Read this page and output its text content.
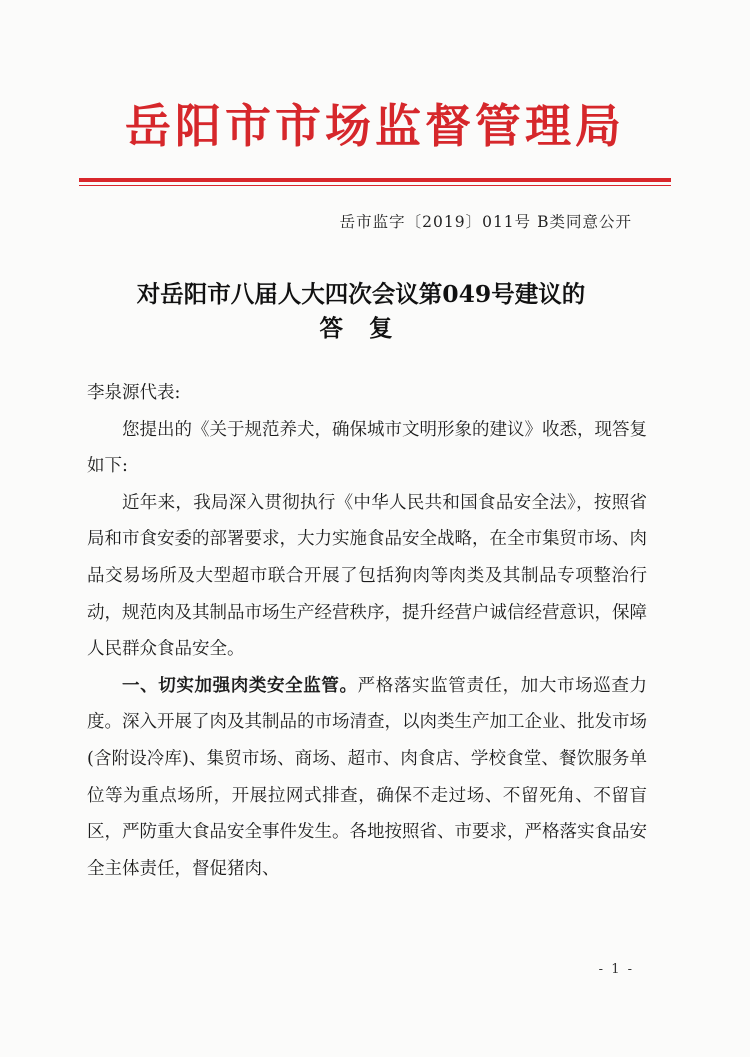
岳阳市市场监督管理局
岳市监字〔2019〕011号 B类同意公开
对岳阳市八届人大四次会议第049号建议的
答复

李泉源代表:

您提出的《关于规范养犬，确保城市文明形象的建议》收悉，现答复如下:

近年来，我局深入贯彻执行《中华人民共和国食品安全法》，按照省局和市食安委的部署要求，大力实施食品安全战略，在全市集贸市场、肉品交易场所及大型超市联合开展了包括狗肉等肉类及其制品专项整治行动，规范肉及其制品市场生产经营秩序，提升经营户诚信经营意识，保障人民群众食品安全。

一、切实加强肉类安全监管。严格落实监管责任，加大市场巡查力度。深入开展了肉及其制品的市场清查，以肉类生产加工企业、批发市场(含附设冷库)、集贸市场、商场、超市、肉食店、学校食堂、餐饮服务单位等为重点场所，开展拉网式排查，确保不走过场、不留死角、不留盲区，严防重大食品安全事件发生。各地按照省、市要求，严格落实食品安全主体责任，督促猪肉、

- 1 -
